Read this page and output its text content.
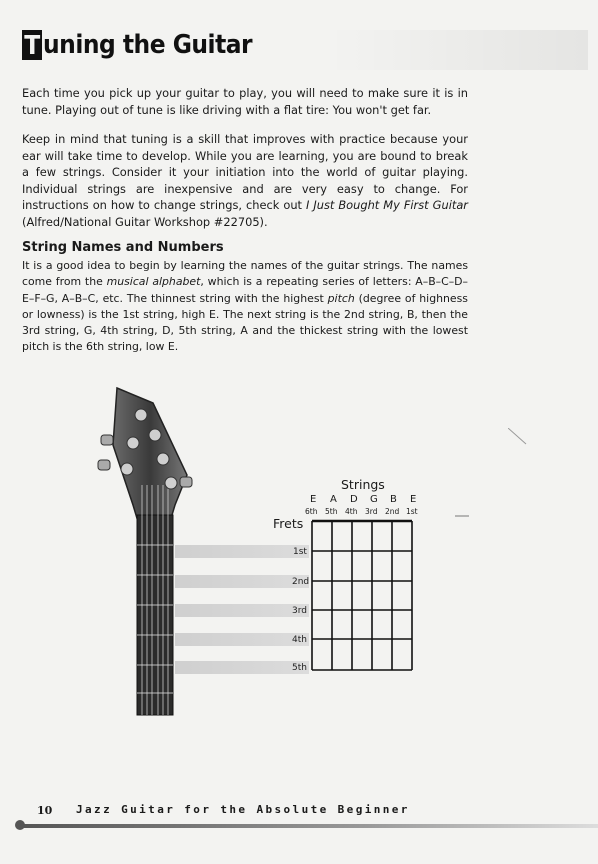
T uning the Guitar

Each time you pick up your guitar to play, you will need to make sure it is in tune. Playing out of tune is like driving with a flat tire: You won't get far.

Keep in mind that tuning is a skill that improves with practice because your ear will take time to develop. While you are learning, you are bound to break a few strings. Consider it your initiation into the world of guitar playing. Individual strings are inexpensive and are very easy to change. For instructions on how to change strings, check out I Just Bought My First Guitar (Alfred/National Guitar Workshop #22705).

String Names and Numbers

It is a good idea to begin by learning the names of the guitar strings. The names come from the musical alphabet, which is a repeating series of letters: A–B–C–D–E–F–G, A–B–C, etc. The thinnest string with the highest pitch (degree of highness or lowness) is the 1st string, high E. The next string is the 2nd string, B, then the 3rd string, G, 4th string, D, 5th string, A and the thickest string with the lowest pitch is the 6th string, low E.

1st
2nd
3rd
4th
5th
Strings
Frets
E A D G B E
6th 5th 4th 3rd 2nd 1st
10 Jazz Guitar for the Absolute Beginner
